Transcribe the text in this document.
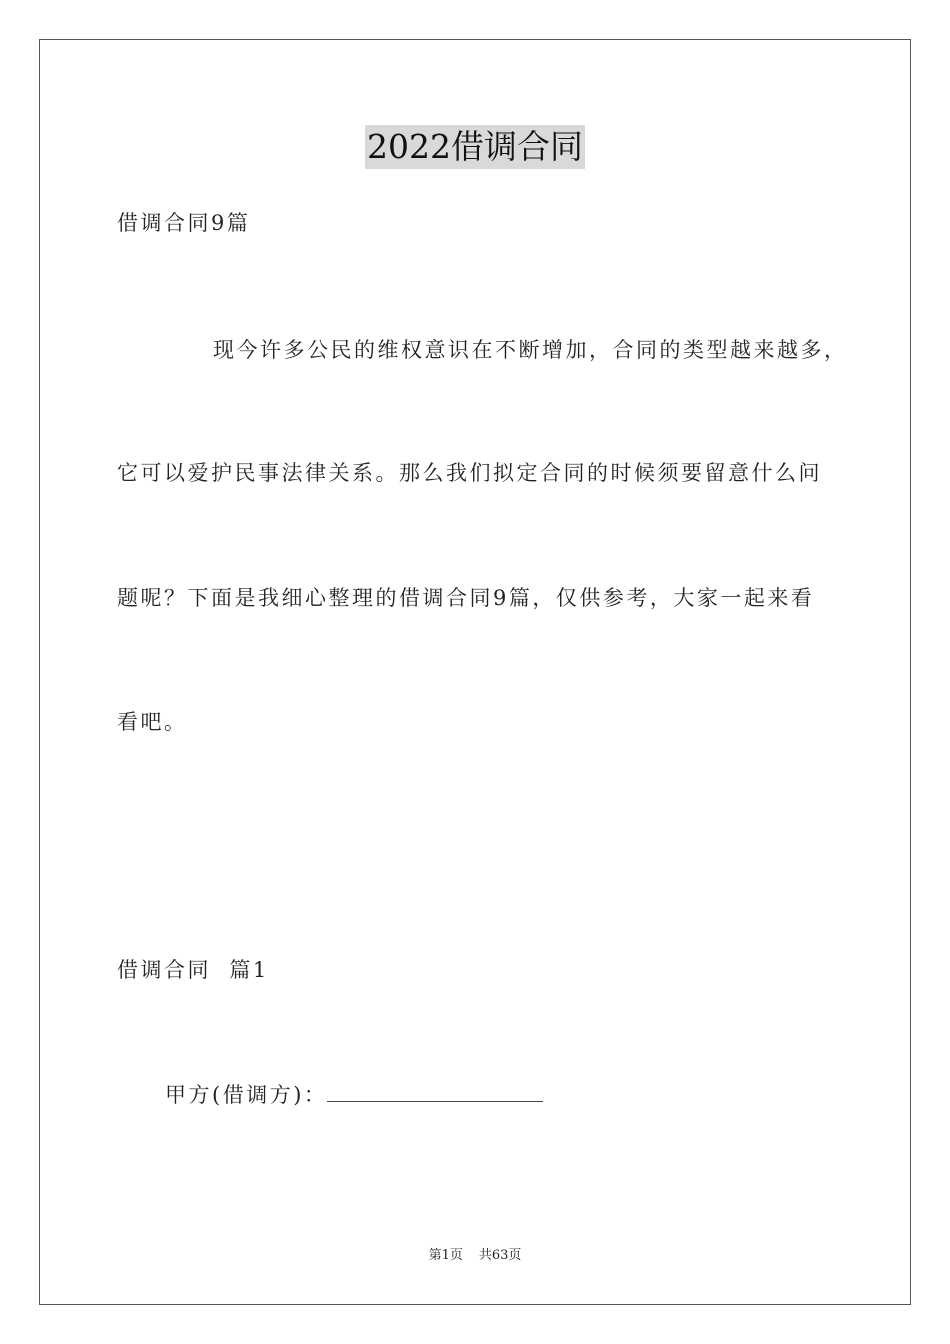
2022借调合同
借调合同9篇
现今许多公民的维权意识在不断增加，合同的类型越来越多，
它可以爱护民事法律关系。那么我们拟定合同的时候须要留意什么问
题呢？下面是我细心整理的借调合同9篇，仅供参考，大家一起来看
看吧。
借调合同  篇1
甲方(借调方)：
第1页 共63页
